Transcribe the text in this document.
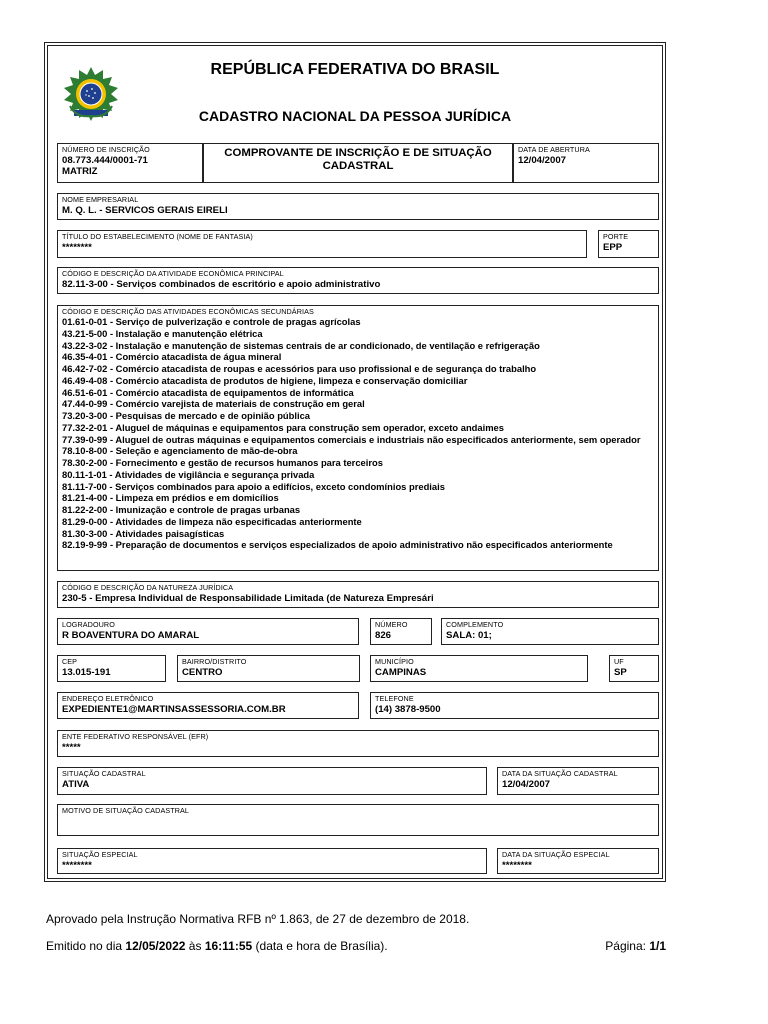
REPÚBLICA FEDERATIVA DO BRASIL
CADASTRO NACIONAL DA PESSOA JURÍDICA
NÚMERO DE INSCRIÇÃO
08.773.444/0001-71
MATRIZ
COMPROVANTE DE INSCRIÇÃO E DE SITUAÇÃO CADASTRAL
DATA DE ABERTURA
12/04/2007
NOME EMPRESARIAL
M. Q. L. - SERVICOS GERAIS EIRELI
TÍTULO DO ESTABELECIMENTO (NOME DE FANTASIA)
********
PORTE
EPP
CÓDIGO E DESCRIÇÃO DA ATIVIDADE ECONÔMICA PRINCIPAL
82.11-3-00 - Serviços combinados de escritório e apoio administrativo
CÓDIGO E DESCRIÇÃO DAS ATIVIDADES ECONÔMICAS SECUNDÁRIAS
01.61-0-01 - Serviço de pulverização e controle de pragas agrícolas
43.21-5-00 - Instalação e manutenção elétrica
43.22-3-02 - Instalação e manutenção de sistemas centrais de ar condicionado, de ventilação e refrigeração
46.35-4-01 - Comércio atacadista de água mineral
46.42-7-02 - Comércio atacadista de roupas e acessórios para uso profissional e de segurança do trabalho
46.49-4-08 - Comércio atacadista de produtos de higiene, limpeza e conservação domiciliar
46.51-6-01 - Comércio atacadista de equipamentos de informática
47.44-0-99 - Comércio varejista de materiais de construção em geral
73.20-3-00 - Pesquisas de mercado e de opinião pública
77.32-2-01 - Aluguel de máquinas e equipamentos para construção sem operador, exceto andaimes
77.39-0-99 - Aluguel de outras máquinas e equipamentos comerciais e industriais não especificados anteriormente, sem operador
78.10-8-00 - Seleção e agenciamento de mão-de-obra
78.30-2-00 - Fornecimento e gestão de recursos humanos para terceiros
80.11-1-01 - Atividades de vigilância e segurança privada
81.11-7-00 - Serviços combinados para apoio a edifícios, exceto condomínios prediais
81.21-4-00 - Limpeza em prédios e em domicílios
81.22-2-00 - Imunização e controle de pragas urbanas
81.29-0-00 - Atividades de limpeza não especificadas anteriormente
81.30-3-00 - Atividades paisagísticas
82.19-9-99 - Preparação de documentos e serviços especializados de apoio administrativo não especificados anteriormente
CÓDIGO E DESCRIÇÃO DA NATUREZA JURÍDICA
230-5 - Empresa Individual de Responsabilidade Limitada (de Natureza Empresári
LOGRADOURO
R BOAVENTURA DO AMARAL
NÚMERO
826
COMPLEMENTO
SALA: 01;
CEP
13.015-191
BAIRRO/DISTRITO
CENTRO
MUNICÍPIO
CAMPINAS
UF
SP
ENDEREÇO ELETRÔNICO
EXPEDIENTE1@MARTINSASSESSORIA.COM.BR
TELEFONE
(14) 3878-9500
ENTE FEDERATIVO RESPONSÁVEL (EFR)
*****
SITUAÇÃO CADASTRAL
ATIVA
DATA DA SITUAÇÃO CADASTRAL
12/04/2007
MOTIVO DE SITUAÇÃO CADASTRAL
SITUAÇÃO ESPECIAL
********
DATA DA SITUAÇÃO ESPECIAL
********
Aprovado pela Instrução Normativa RFB nº 1.863, de 27 de dezembro de 2018.
Emitido no dia 12/05/2022 às 16:11:55 (data e hora de Brasília).	Página: 1/1
